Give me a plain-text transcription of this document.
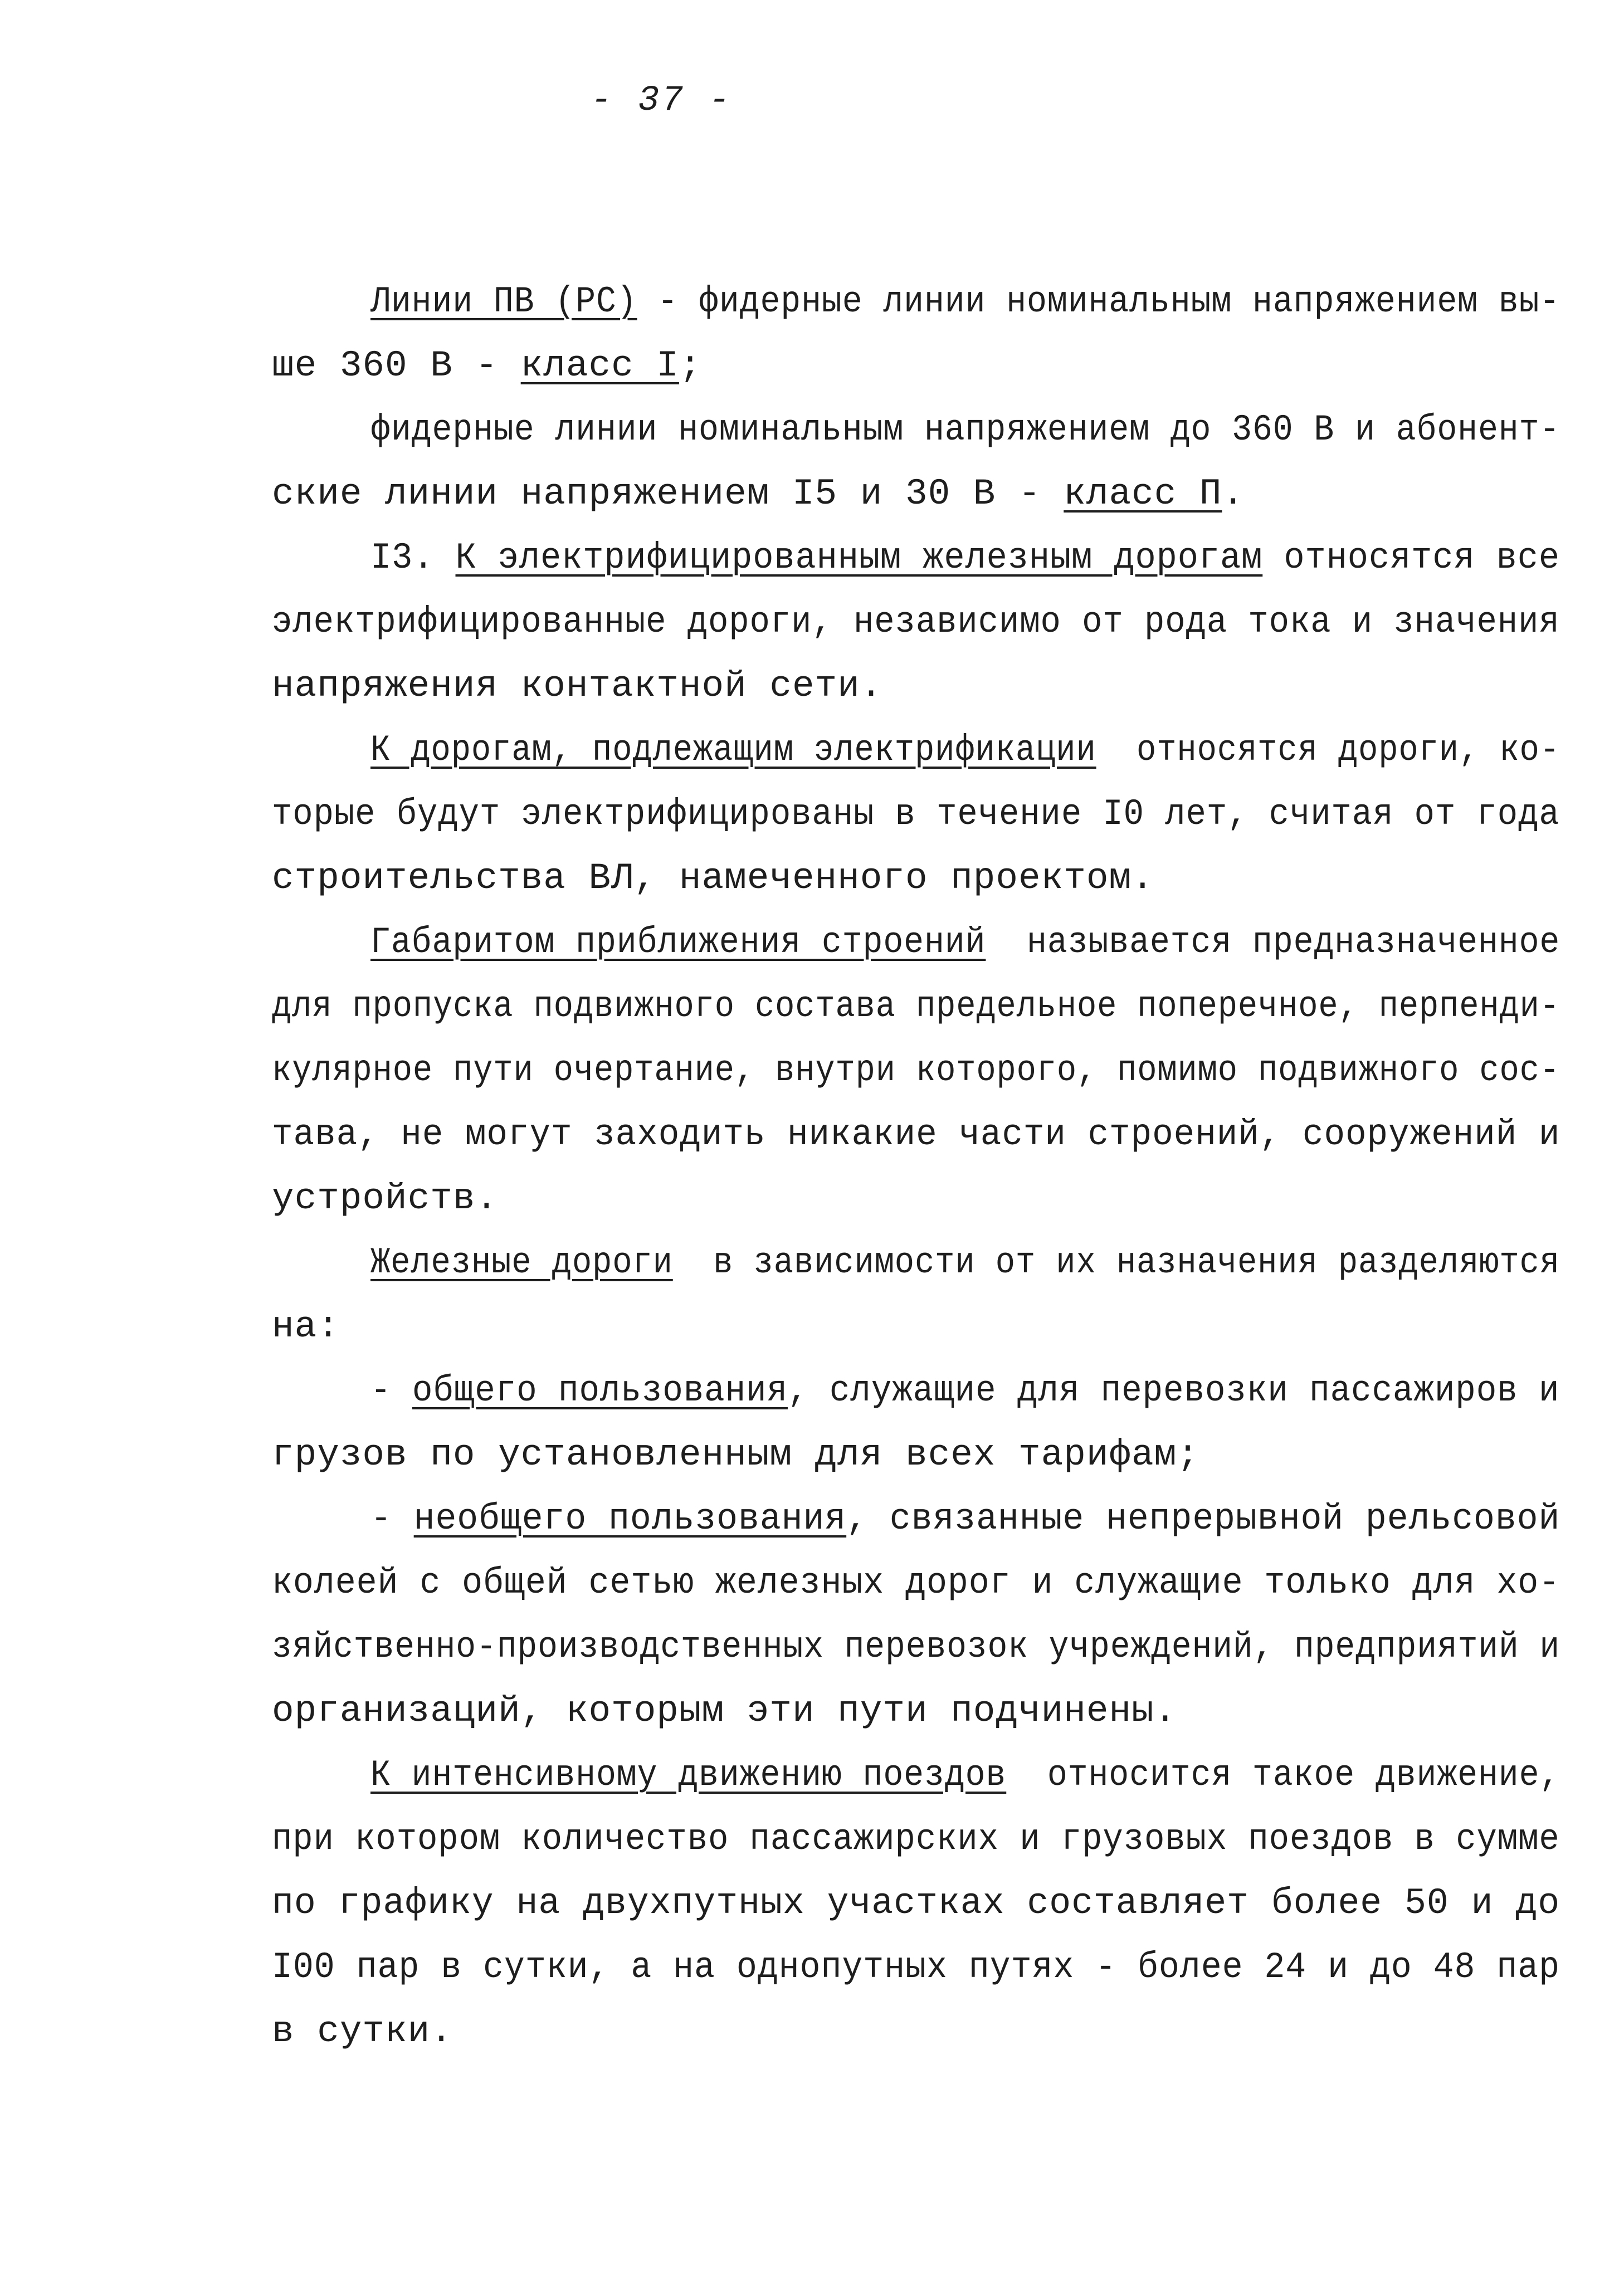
- 37 -
Линии ПВ (РС) - фидерные линии номинальным напряжением вы-
ше 360 В - класс I;
фидерные линии номинальным напряжением до 360 В и абонент-
ские линии напряжением I5 и 30 В - класс П.
I3. К электрифицированным железным дорогам относятся все
электрифицированные дороги, независимо от рода тока и значения
напряжения контактной сети.
К дорогам, подлежащим электрификации  относятся дороги, ко-
торые будут электрифицированы в течение I0 лет, считая от года
строительства ВЛ, намеченного проектом.
Габаритом приближения строений  называется предназначенное
для пропуска подвижного состава предельное поперечное, перпенди-
кулярное пути очертание, внутри которого, помимо подвижного сос-
тава, не могут заходить никакие части строений, сооружений и
устройств.
Железные дороги  в зависимости от их назначения разделяются
на:
- общего пользования, служащие для перевозки пассажиров и
грузов по установленным для всех тарифам;
- необщего пользования, связанные непрерывной рельсовой
колеей с общей сетью железных дорог и служащие только для хо-
зяйственно-производственных перевозок учреждений, предприятий и
организаций, которым эти пути подчинены.
К интенсивному движению поездов  относится такое движение,
при котором количество пассажирских и грузовых поездов в сумме
по графику на двухпутных участках составляет более 50 и до
I00 пар в сутки, а на однопутных путях - более 24 и до 48 пар
в сутки.
